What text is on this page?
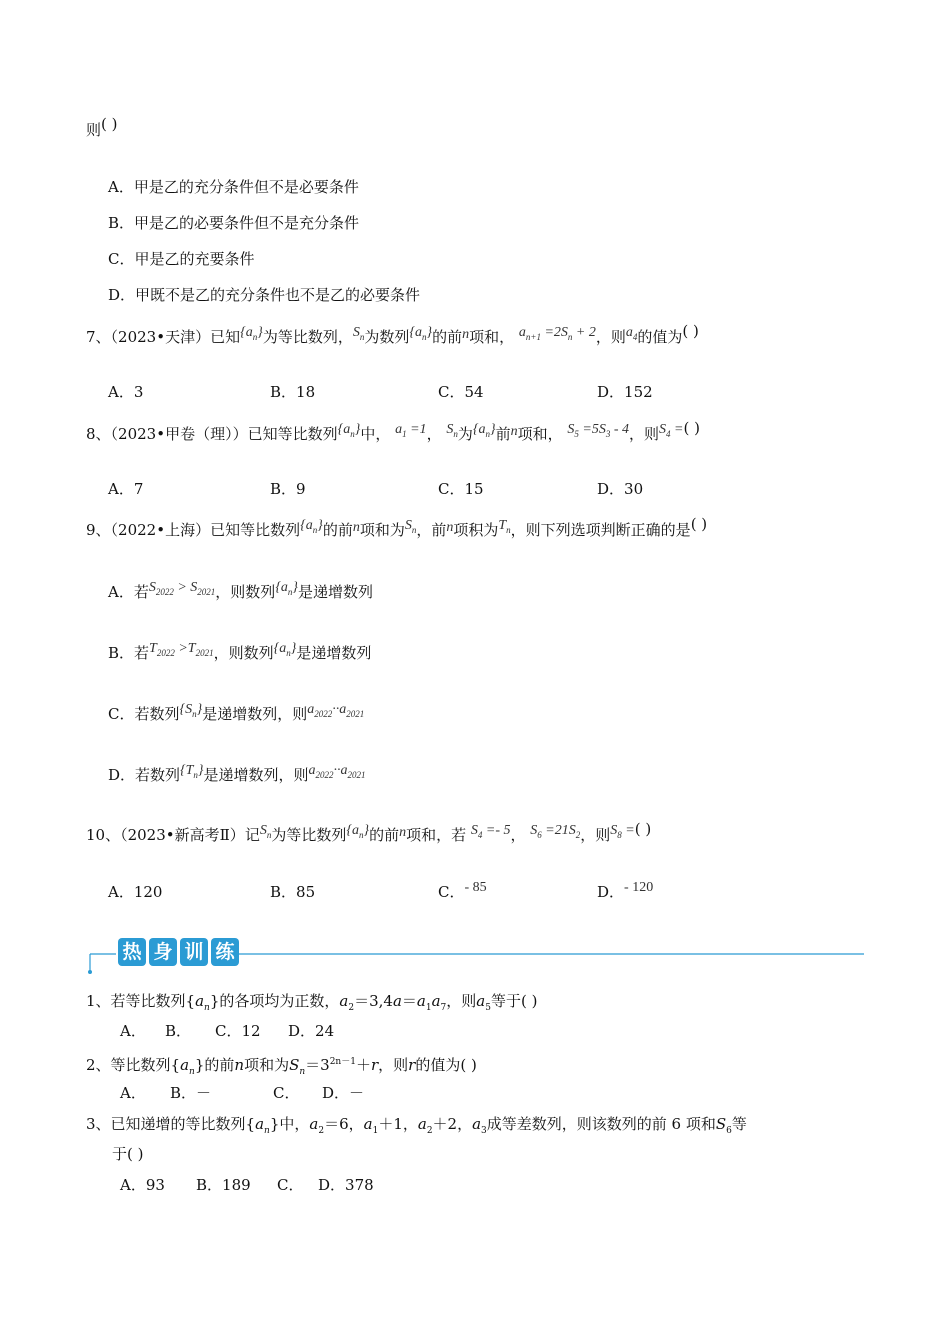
则( )
A．甲是乙的充分条件但不是必要条件
B．甲是乙的必要条件但不是充分条件
C．甲是乙的充要条件
D．甲既不是乙的充分条件也不是乙的必要条件
7、（2023•天津）已知$\{a_n\}$为等比数列，$S_n$为数列$\{a_n\}$的前n项和， $a_{n+1} =2S_n + 2$，则$a_4$的值为( )
A．3	B．18	C．54	D．152
8、（2023•甲卷（理））已知等比数列$\{a_n\}$中， $a_1 =1$， $S_n$为$\{a_n\}$前n项和， $S_5 =5S_3 - 4$，则$S_4$ =( )
A．7	B．9	C．15	D．30
9、（2022•上海）已知等比数列$\{a_n\}$的前n项和为$S_n$，前n项积为$T_n$，则下列选项判断正确的是( )
A．若$S_{2022} > S_{2021}$，则数列$\{a_n\}$是递增数列
B．若$T_{2022} >T_{2021}$，则数列$\{a_n\}$是递增数列
C．若数列$\{S_n\}$是递增数列，则$a_{2022}\cdot\cdot a_{2021}$
D．若数列$\{T_n\}$是递增数列，则$a_{2022}\cdot\cdot a_{2021}$
10、（2023•新高考Ⅱ）记$S_n$为等比数列$\{a_n\}$的前n项和，若 $S_4 =- 5$， $S_6 =21S_2$，则$S_8$ =( )
A．120	B．85	C．- 85	D．- 120
热 身 训 练
1、若等比数列$\{a_n\}$的各项均为正数，$a_2=3,4a=a_1a_7$，则$a_5$等于( )
A． B． C．12 D．24
2、等比数列$\{a_n\}$的前n项和为$S_n=3^{2n-1}+r$，则r的值为( )
A． B．－	C． D．－
3、已知递增的等比数列$\{a_n\}$中，$a_2=6$，$a_1+1$，$a_2+2$，$a_3$成等差数列，则该数列的前 6 项和$S_6$等
于( )
A．93 B．189 C． D．378
